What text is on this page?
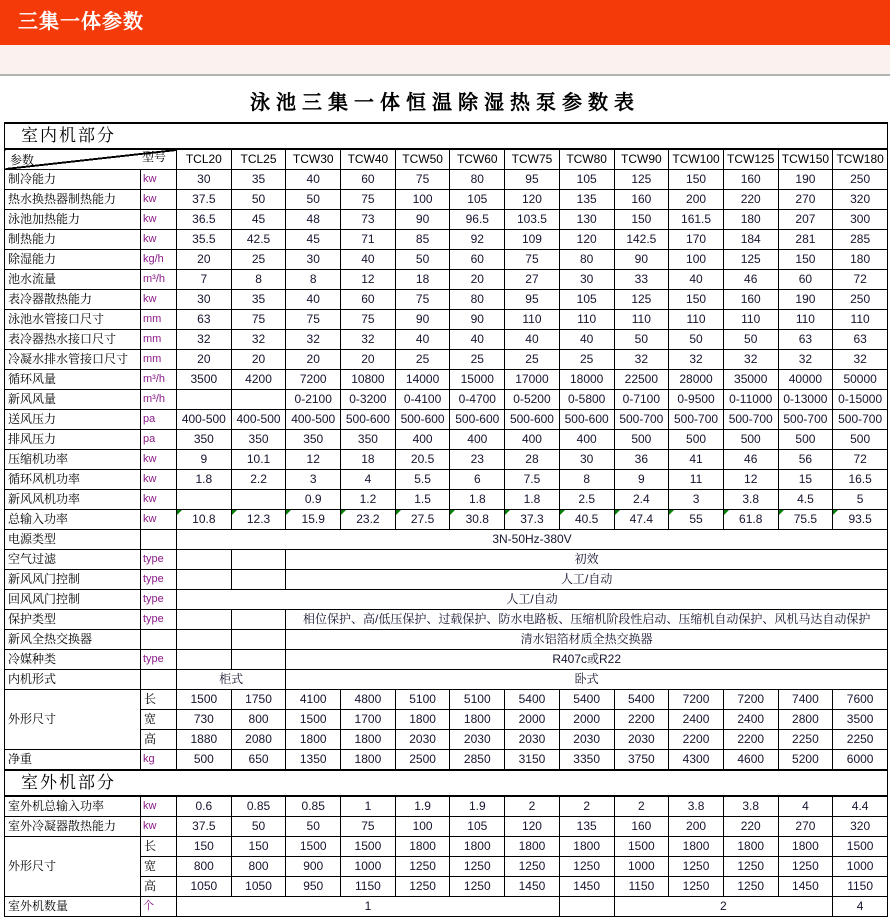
三集一体参数
泳池三集一体恒温除湿热泵参数表
室内机部分														

参数 型号		TCL20	TCL25	TCW30	TCW40	TCW50	TCW60	TCW75	TCW80	TCW90	TCW100	TCW125	TCW150	TCW180
制冷能力	kw	30	35	40	60	75	80	95	105	125	150	160	190	250
热水换热器制热能力	kw	37.5	50	50	75	100	105	120	135	160	200	220	270	320
泳池加热能力	kw	36.5	45	48	73	90	96.5	103.5	130	150	161.5	180	207	300
制热能力	kw	35.5	42.5	45	71	85	92	109	120	142.5	170	184	281	285
除湿能力	kg/h	20	25	30	40	50	60	75	80	90	100	125	150	180
池水流量	m³/h	7	8	8	12	18	20	27	30	33	40	46	60	72
表冷器散热能力	kw	30	35	40	60	75	80	95	105	125	150	160	190	250
泳池水管接口尺寸	mm	63	75	75	75	90	90	110	110	110	110	110	110	110
表冷器热水接口尺寸	mm	32	32	32	32	40	40	40	40	50	50	50	63	63
冷凝水排水管接口尺寸	mm	20	20	20	20	25	25	25	25	32	32	32	32	32
循环风量	m³/h	3500	4200	7200	10800	14000	15000	17000	18000	22500	28000	35000	40000	50000
新风风量	m³/h			0-2100	0-3200	0-4100	0-4700	0-5200	0-5800	0-7100	0-9500	0-11000	0-13000	0-15000
送风压力	pa	400-500	400-500	400-500	500-600	500-600	500-600	500-600	500-600	500-700	500-700	500-700	500-700	500-700
排风压力	pa	350	350	350	350	400	400	400	400	500	500	500	500	500
压缩机功率	kw	9	10.1	12	18	20.5	23	28	30	36	41	46	56	72
循环风机功率	kw	1.8	2.2	3	4	5.5	6	7.5	8	9	11	12	15	16.5
新风风机功率	kw			0.9	1.2	1.5	1.8	1.8	2.5	2.4	3	3.8	4.5	5
总输入功率	kw	10.8	12.3	15.9	23.2	27.5	30.8	37.3	40.5	47.4	55	61.8	75.5	93.5
电源类型		3N-50Hz-380V												
空气过滤	type			初效										
新风风门控制	type			人工/自动										
回风风门控制	type	人工/自动												
保护类型	type			相位保护、高/低压保护、过载保护、防水电路板、压缩机阶段性启动、压缩机自动保护、风机马达自动保护										
新风全热交换器				清水铝箔材质全热交换器										
冷媒种类	type			R407c或R22										
内机形式		柜式		卧式										
外形尺寸	长	1500	1750	4100	4800	5100	5100	5400	5400	5400	7200	7200	7400	7600
	宽	730	800	1500	1700	1800	1800	2000	2000	2200	2400	2400	2800	3500
	高	1880	2080	1800	1800	2030	2030	2030	2030	2030	2200	2200	2250	2250
净重	kg	500	650	1350	1800	2500	2850	3150	3350	3750	4300	4600	5200	6000
室外机部分														
室外机总输入功率	kw	0.6	0.85	0.85	1	1.9	1.9	2	2	2	3.8	3.8	4	4.4
室外冷凝器散热能力	kw	37.5	50	50	75	100	105	120	135	160	200	220	270	320
外形尺寸	长	150	150	1500	1500	1800	1800	1800	1800	1500	1800	1800	1800	1500
	宽	800	800	900	1000	1250	1250	1250	1250	1000	1250	1250	1250	1000
	高	1050	1050	950	1150	1250	1250	1450	1450	1150	1250	1250	1450	1150
室外机数量	个	1								2				4
